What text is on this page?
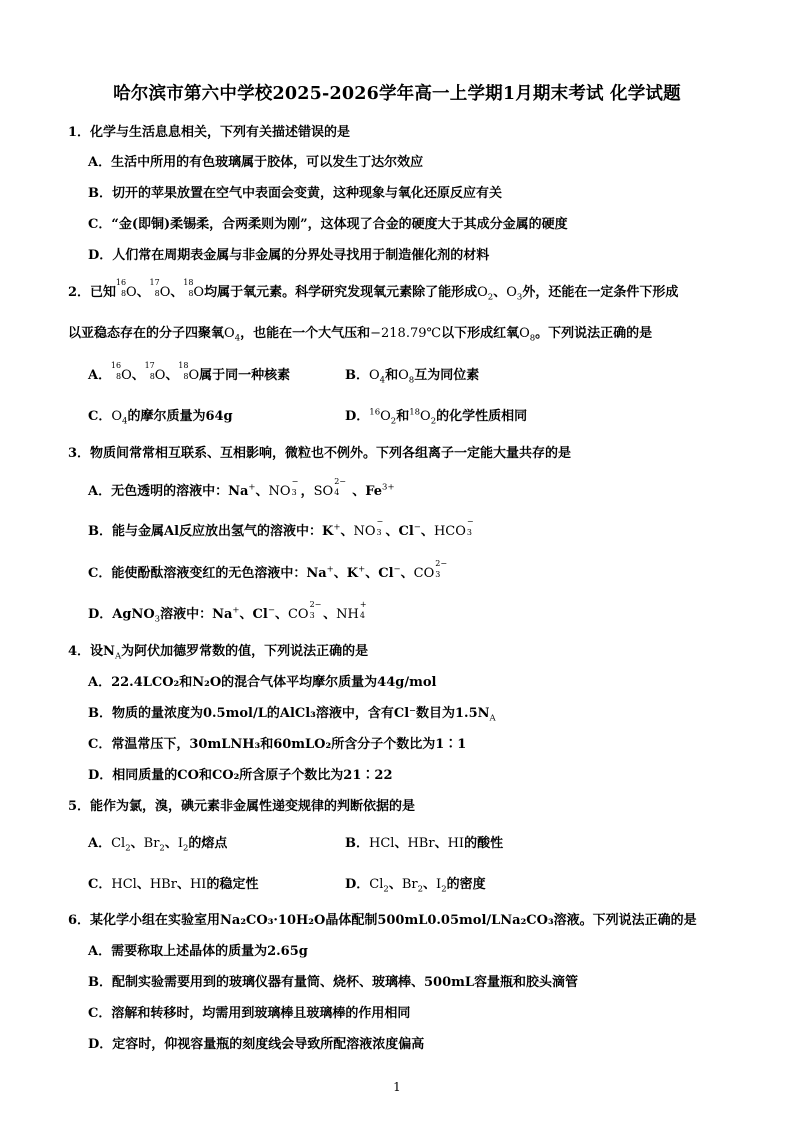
哈尔滨市第六中学校2025-2026学年高一上学期1月期末考试 化学试题
1．化学与生活息息相关，下列有关描述错误的是
A．生活中所用的有色玻璃属于胶体，可以发生丁达尔效应
B．切开的苹果放置在空气中表面会变黄，这种现象与氧化还原反应有关
C．“金(即铜)柔锡柔，合两柔则为刚”，这体现了合金的硬度大于其成分金属的硬度
D．人们常在周期表金属与非金属的分界处寻找用于制造催化剂的材料
2．已知
16
8 O、
17
8 O、
18
8 O均属于氧元素。科学研究发现氧元素除了能形成$O_2$、$O_3$外，还能在一定条件下形成
以亚稳态存在的分子四聚氧$O_4$，也能在一个大气压和−218.79℃以下形成红氧$O_8$。下列说法正确的是
A．
16
8 O、
17
8 O、
18
8 O属于同一种核素	B．$O_4$和$O_8$互为同位素
C．$O_4$的摩尔质量为64g	D．$^{16}O_2$和$^{18}O_2$的化学性质相同
3．物质间常常相互联系、互相影响，微粒也不例外。下列各组离子一定能大量共存的是
A．无色透明的溶液中：Na+、NO
−
3 ，SO
2−
4 、$Fe^{3+}$
B．能与金属Al反应放出氢气的溶液中：K+、NO
−
3 、Cl−、HCO
−
3
C．能使酚酞溶液变红的无色溶液中：Na+、K+、Cl−、CO
2−
3
D．AgNO$_3$溶液中：Na+、Cl−、CO
2−
3 、NH
+
4
4．设$N_A$为阿伏加德罗常数的值，下列说法正确的是
A．22.4LCO₂和N₂O的混合气体平均摩尔质量为44g/mol
B．物质的量浓度为0.5mol/L的AlCl₃溶液中，含有Cl⁻数目为$1.5N_A$
C．常温常压下，30mLNH₃和60mLO₂所含分子个数比为1∶1
D．相同质量的CO和CO₂所含原子个数比为21∶22
5．能作为氯，溴，碘元素非金属性递变规律的判断依据的是
A．$Cl_2$、$Br_2$、$I_2$的熔点	B．HCl、HBr、HI的酸性
C．HCl、HBr、HI的稳定性	D．$Cl_2$、$Br_2$、$I_2$的密度
6．某化学小组在实验室用Na₂CO₃·10H₂O晶体配制500mL0.05mol/LNa₂CO₃溶液。下列说法正确的是
A．需要称取上述晶体的质量为2.65g
B．配制实验需要用到的玻璃仪器有量筒、烧杯、玻璃棒、500mL容量瓶和胶头滴管
C．溶解和转移时，均需用到玻璃棒且玻璃棒的作用相同
D．定容时，仰视容量瓶的刻度线会导致所配溶液浓度偏高
1
